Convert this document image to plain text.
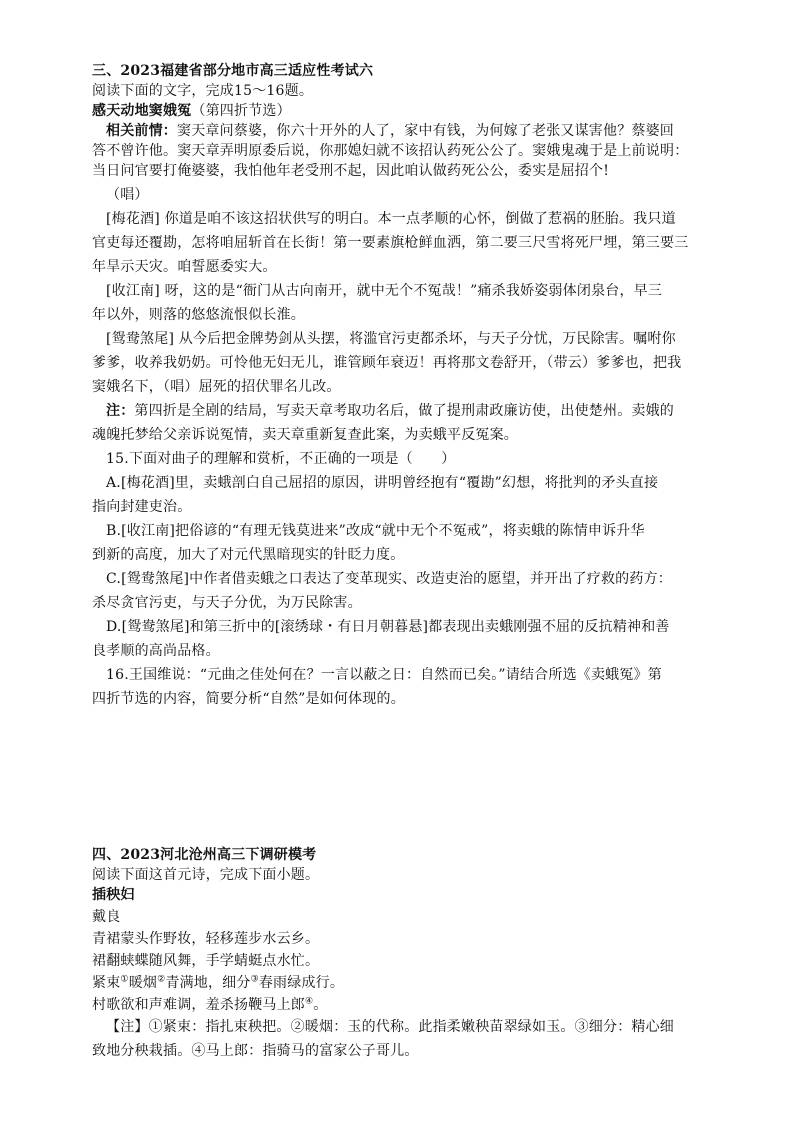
三、2023福建省部分地市高三适应性考试六
阅读下面的文字，完成15～16题。
感天动地窦娥冤（第四折节选）
相关前情：窦天章问蔡婆，你六十开外的人了，家中有钱，为何嫁了老张又谋害他？蔡婆回
答不曾许他。窦天章弄明原委后说，你那媳妇就不该招认药死公公了。窦娥鬼魂于是上前说明：
当日问官要打俺婆婆，我怕他年老受刑不起，因此咱认做药死公公，委实是屈招个!
（唱）
[梅花酒] 你道是咱不该这招状供写的明白。本一点孝顺的心怀，倒做了惹祸的胚胎。我只道
官吏每还覆勘，怎将咱屈斩首在长街！第一要素旗枪鲜血洒，第二要三尺雪将死尸埋，第三要三
年旱示天灾。咱誓愿委实大。
[收江南] 呀，这的是“衙门从古向南开，就中无个不冤哉！”痛杀我娇姿弱体闭泉台，早三
年以外，则落的悠悠流恨似长淮。
[鸳鸯煞尾] 从今后把金牌势剑从头摆，将滥官污吏都杀坏，与天子分忧，万民除害。嘱咐你
爹爹，收养我奶奶。可怜他无妇无儿，谁管顾年衰迈！再将那文卷舒开，（带云）爹爹也，把我
窦娥名下，（唱）屈死的招伏罪名儿改。
注：第四折是全剧的结局，写卖天章考取功名后，做了提刑肃政廉访使，出使楚州。卖娥的
魂魄托梦给父亲诉说冤情，卖天章重新复查此案，为卖蛾平反冤案。
15.下面对曲子的理解和赏析，不正确的一项是（　　）
A.[梅花酒]里，卖蛾剖白自己屈招的原因，讲明曾经抱有“覆勘”幻想，将批判的矛头直接
指向封建吏治。
B.[收江南]把俗谚的“有理无钱莫进来”改成“就中无个不冤戒”，将卖蛾的陈情申诉升华
到新的高度，加大了对元代黑暗现实的针眨力度。
C.[鸳鸯煞尾]中作者借卖蛾之口表达了变革现实、改造吏治的愿望，并开出了疗救的药方：
杀尽贪官污吏，与天子分优，为万民除害。
D.[鸳鸯煞尾]和第三折中的[滚绣球・有日月朝暮悬]都表现出卖蛾刚强不屈的反抗精神和善
良孝顺的高尚品格。
16.王国维说：“元曲之佳处何在？一言以蔽之日：自然而已矣。”请结合所选《卖蛾冤》第
四折节选的内容，简要分析“自然”是如何体现的。
四、2023河北沧州高三下调研模考
阅读下面这首元诗，完成下面小题。
插秧妇
戴良
青裙蒙头作野妆，轻移莲步水云乡。
裙翻蛱蝶随风舞，手学蜻蜓点水忙。
紧束①暖烟②青满地，细分③春雨绿成行。
村歌欲和声难调，羞杀扬鞭马上郎④。
【注】①紧束：指扎束秧把。②暖烟：玉的代称。此指柔嫩秧苗翠绿如玉。③细分：精心细
致地分秧栽插。④马上郎：指骑马的富家公子哥儿。
